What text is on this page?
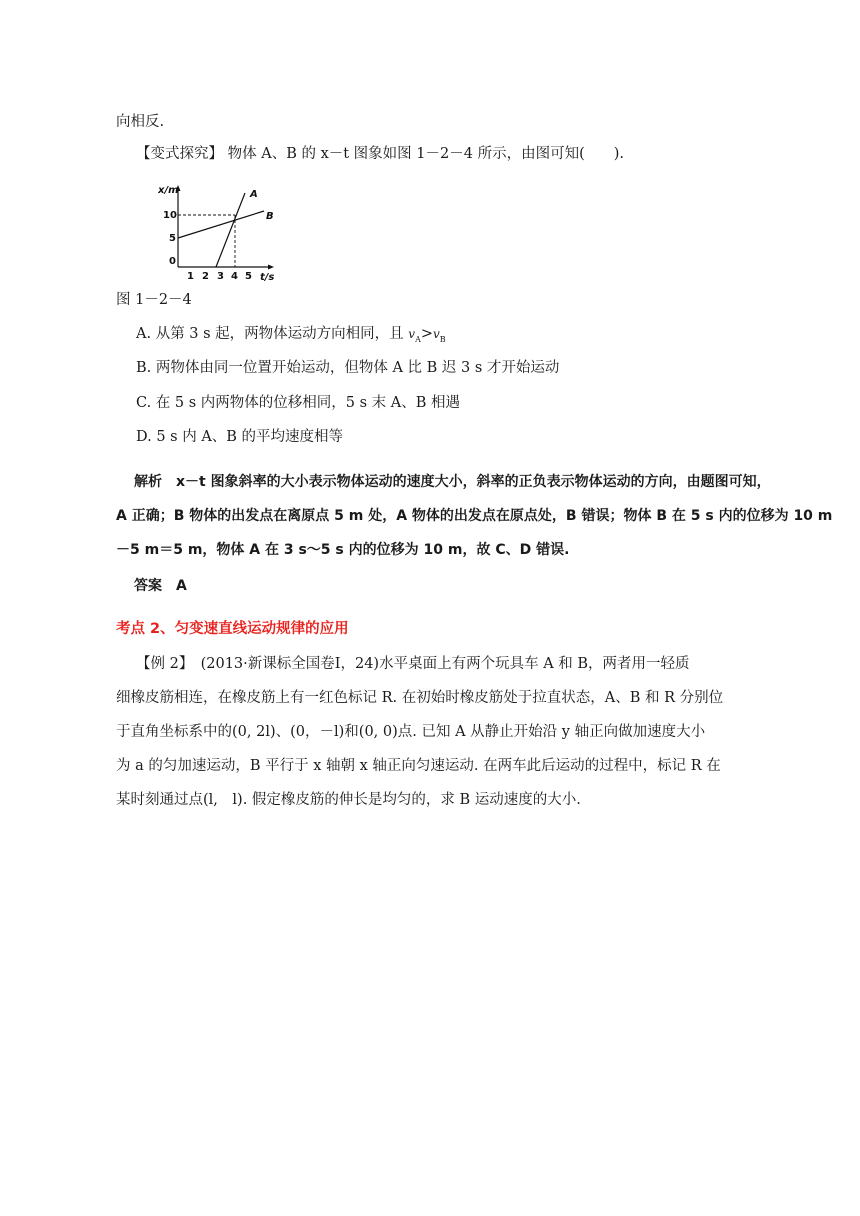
向相反.
【变式探究】 物体 A、B 的 x－t 图象如图 1－2－4 所示，由图可知(　　).
x/m
10
5
0
1 2 3 4 5 t/s
A
B
图 1－2－4
A. 从第 3 s 起，两物体运动方向相同，且 $v_A>v_B$
B. 两物体由同一位置开始运动，但物体 A 比 B 迟 3 s 才开始运动
C. 在 5 s 内两物体的位移相同，5 s 末 A、B 相遇
D. 5 s 内 A、B 的平均速度相等
解析　x－t 图象斜率的大小表示物体运动的速度大小，斜率的正负表示物体运动的方向，由题图可知，
A 正确；B 物体的出发点在离原点 5 m 处，A 物体的出发点在原点处，B 错误；物体 B 在 5 s 内的位移为 10 m
－5 m＝5 m，物体 A 在 3 s～5 s 内的位移为 10 m，故 C、D 错误.
答案　A
考点 2、匀变速直线运动规律的应用
【例 2】　(2013·新课标全国卷Ⅰ，24)水平桌面上有两个玩具车 A 和 B，两者用一轻质
细橡皮筋相连，在橡皮筋上有一红色标记 R. 在初始时橡皮筋处于拉直状态，A、B 和 R 分别位
于直角坐标系中的(0, 2l)、(0，－l)和(0, 0)点. 已知 A 从静止开始沿 y 轴正向做加速度大小
为 a 的匀加速运动，B 平行于 x 轴朝 x 轴正向匀速运动. 在两车此后运动的过程中，标记 R 在
某时刻通过点(l,　l). 假定橡皮筋的伸长是均匀的，求 B 运动速度的大小.
